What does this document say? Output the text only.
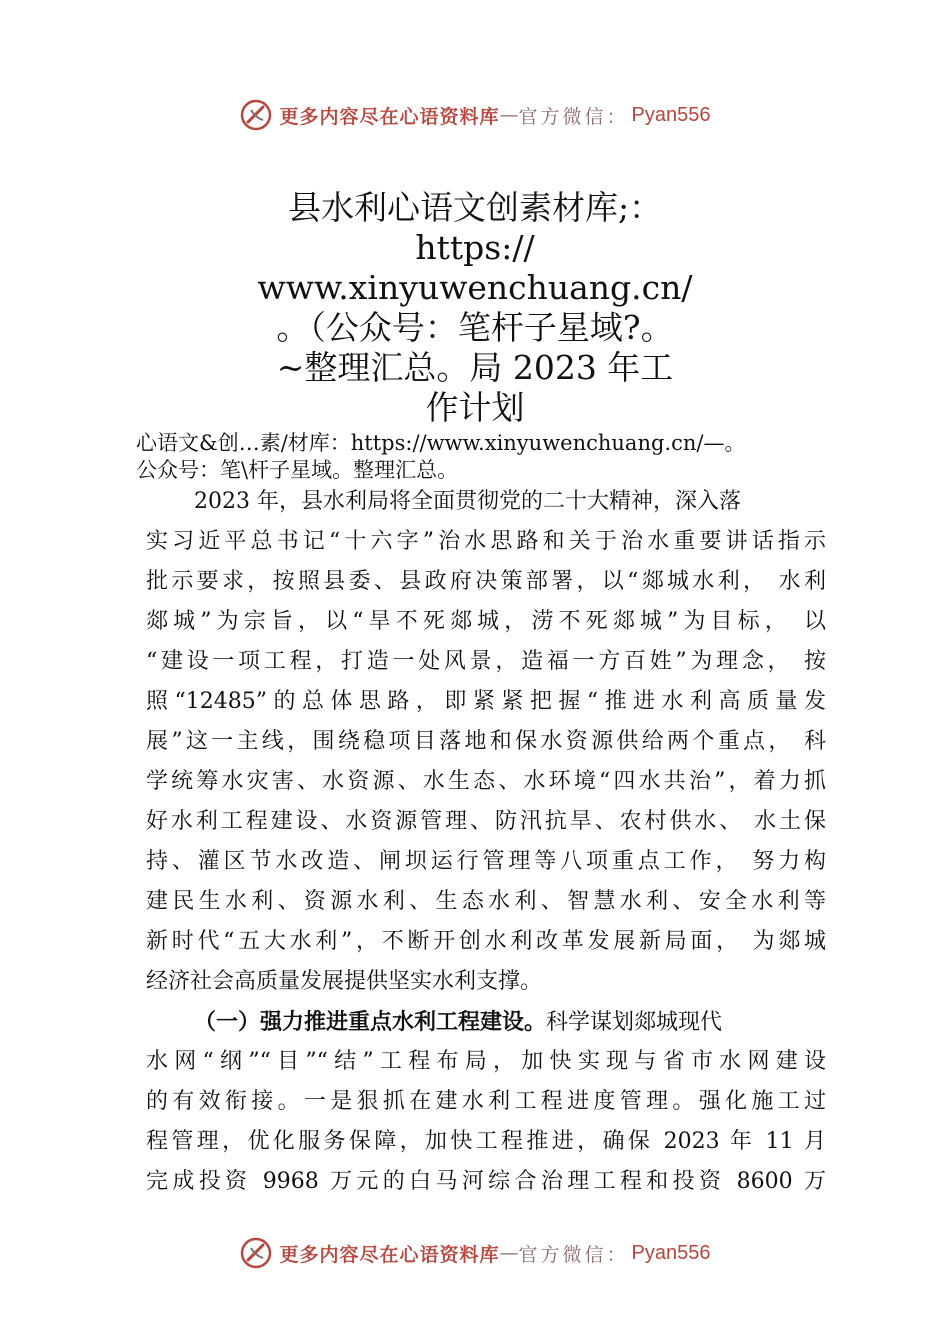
更多内容尽在心语资料库 — 官方微信 ： Pyan556
县水利心语文创素材库;：
https://
www.xinyuwenchuang.cn/
。（公众号：笔杆子星域?。
~整理汇总。局 2023 年工
作计划
心语文&创…素/材库：https://www.xinyuwenchuang.cn/—。
公众号：笔\杆子星域。整理汇总。
2023 年，县水利局将全面贯彻党的二十大精神，深入落
实习近平总书记“十六字”治水思路和关于治水重要讲话指示
批示要求，按照县委、县政府决策部署，以“郯城水利， 水利
郯城”为宗旨，以“旱不死郯城，涝不死郯城”为目标， 以
“建设一项工程，打造一处风景，造福一方百姓”为理念， 按
照“12485”的总体思路，即紧紧把握“推进水利高质量发
展”这一主线，围绕稳项目落地和保水资源供给两个重点， 科
学统筹水灾害、水资源、水生态、水环境“四水共治”，着力抓
好水利工程建设、水资源管理、防汛抗旱、农村供水、 水土保
持、灌区节水改造、闸坝运行管理等八项重点工作， 努力构
建民生水利、资源水利、生态水利、智慧水利、安全水利等
新时代“五大水利”，不断开创水利改革发展新局面， 为郯城
经济社会高质量发展提供坚实水利支撑。
（一）强力推进重点水利工程建设。科学谋划郯城现代
水网“纲”“目”“结”工程布局，加快实现与省市水网建设
的有效衔接。一是狠抓在建水利工程进度管理。强化施工过
程管理，优化服务保障，加快工程推进，确保 2023 年 11 月
完成投资 9968 万元的白马河综合治理工程和投资 8600 万
更多内容尽在心语资料库 — 官方微信 ： Pyan556
